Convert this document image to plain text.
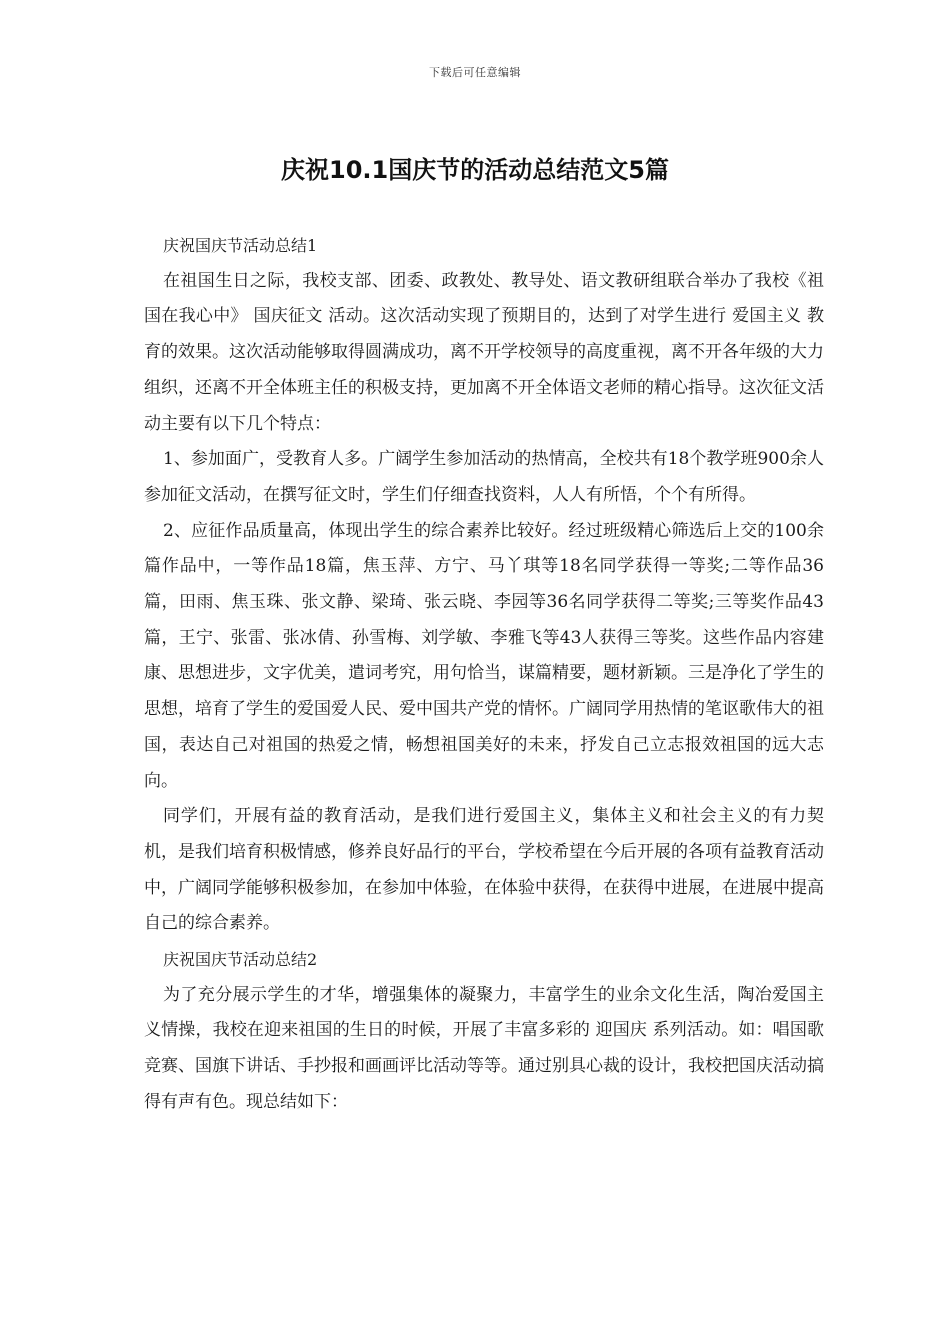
下载后可任意编辑
庆祝10.1国庆节的活动总结范文5篇

庆祝国庆节活动总结1

在祖国生日之际，我校支部、团委、政教处、教导处、语文教研组联合举办了我校《祖国在我心中》 国庆征文 活动。这次活动实现了预期目的，达到了对学生进行 爱国主义 教育的效果。这次活动能够取得圆满成功，离不开学校领导的高度重视，离不开各年级的大力组织，还离不开全体班主任的积极支持，更加离不开全体语文老师的精心指导。这次征文活动主要有以下几个特点：

1、参加面广，受教育人多。广阔学生参加活动的热情高，全校共有18个教学班900余人参加征文活动，在撰写征文时，学生们仔细查找资料，人人有所悟，个个有所得。

2、应征作品质量高，体现出学生的综合素养比较好。经过班级精心筛选后上交的100余篇作品中，一等作品18篇，焦玉萍、方宁、马丫琪等18名同学获得一等奖;二等作品36篇，田雨、焦玉珠、张文静、梁琦、张云晓、李园等36名同学获得二等奖;三等奖作品43篇，王宁、张雷、张冰倩、孙雪梅、刘学敏、李雅飞等43人获得三等奖。这些作品内容建康、思想进步，文字优美，遣词考究，用句恰当，谋篇精要，题材新颖。三是净化了学生的思想，培育了学生的爱国爱人民、爱中国共产党的情怀。广阔同学用热情的笔讴歌伟大的祖国，表达自己对祖国的热爱之情，畅想祖国美好的未来，抒发自己立志报效祖国的远大志向。

同学们，开展有益的教育活动，是我们进行爱国主义，集体主义和社会主义的有力契机，是我们培育积极情感，修养良好品行的平台，学校希望在今后开展的各项有益教育活动中，广阔同学能够积极参加，在参加中体验，在体验中获得，在获得中进展，在进展中提高自己的综合素养。

庆祝国庆节活动总结2

为了充分展示学生的才华，增强集体的凝聚力，丰富学生的业余文化生活，陶冶爱国主义情操，我校在迎来祖国的生日的时候，开展了丰富多彩的 迎国庆 系列活动。如：唱国歌竞赛、国旗下讲话、手抄报和画画评比活动等等。通过别具心裁的设计，我校把国庆活动搞得有声有色。现总结如下：
